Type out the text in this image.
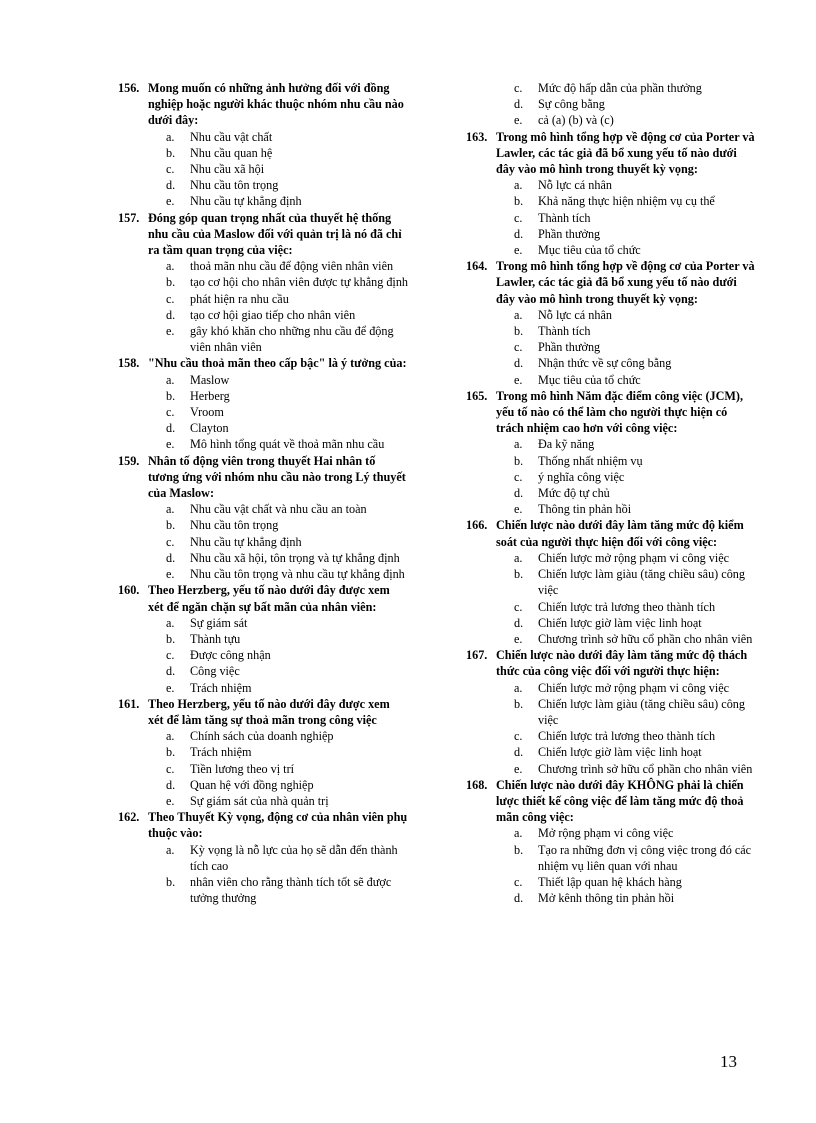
156. Mong muốn có những ảnh hưởng đối với đồng nghiệp hoặc người khác thuộc nhóm nhu cầu nào dưới đây:
a. Nhu cầu vật chất
b. Nhu cầu quan hệ
c. Nhu cầu xã hội
d. Nhu cầu tôn trọng
e. Nhu cầu tự khẳng định
157. Đóng góp quan trọng nhất của thuyết hệ thống nhu cầu của Maslow đối với quản trị là nó đã chỉ ra tầm quan trọng của việc:
a. thoả mãn nhu cầu để động viên nhân viên
b. tạo cơ hội cho nhân viên được tự khẳng định
c. phát hiện ra nhu cầu
d. tạo cơ hội giao tiếp cho nhân viên
e. gây khó khăn cho những nhu cầu để động viên nhân viên
158. "Nhu cầu thoả mãn theo cấp bậc" là ý tưởng của:
a. Maslow
b. Herberg
c. Vroom
d. Clayton
e. Mô hình tổng quát về thoả mãn nhu cầu
159. Nhân tố động viên trong thuyết Hai nhân tố tương ứng với nhóm nhu cầu nào trong Lý thuyết của Maslow:
a. Nhu cầu vật chất và nhu cầu an toàn
b. Nhu cầu tôn trọng
c. Nhu cầu tự khẳng định
d. Nhu cầu xã hội, tôn trọng và tự khẳng định
e. Nhu cầu tôn trọng và nhu cầu tự khẳng định
160. Theo Herzberg, yếu tố nào dưới đây được xem xét để ngăn chặn sự bất mãn của nhân viên:
a. Sự giám sát
b. Thành tựu
c. Được công nhận
d. Công việc
e. Trách nhiệm
161. Theo Herzberg, yếu tố nào dưới đây được xem xét để làm tăng sự thoả mãn trong công việc
a. Chính sách của doanh nghiệp
b. Trách nhiệm
c. Tiền lương theo vị trí
d. Quan hệ với đồng nghiệp
e. Sự giám sát của nhà quản trị
162. Theo Thuyết Kỳ vọng, động cơ của nhân viên phụ thuộc vào:
a. Kỳ vọng là nỗ lực của họ sẽ dẫn đến thành tích cao
b. nhân viên cho rằng thành tích tốt sẽ được tưởng thưởng
c. Mức độ hấp dẫn của phần thưởng
d. Sự công bằng
e. cả (a) (b) và (c)
163. Trong mô hình tổng hợp về động cơ của Porter và Lawler, các tác giả đã bổ xung yếu tố nào dưới đây vào mô hình trong thuyết kỳ vọng:
a. Nỗ lực cá nhân
b. Khả năng thực hiện nhiệm vụ cụ thể
c. Thành tích
d. Phần thưởng
e. Mục tiêu của tổ chức
164. Trong mô hình tổng hợp về động cơ của Porter và Lawler, các tác giả đã bổ xung yếu tố nào dưới đây vào mô hình trong thuyết kỳ vọng:
a. Nỗ lực cá nhân
b. Thành tích
c. Phần thưởng
d. Nhận thức về sự công bằng
e. Mục tiêu của tổ chức
165. Trong mô hình Năm đặc điểm công việc (JCM), yếu tố nào có thể làm cho người thực hiện có trách nhiệm cao hơn với công việc:
a. Đa kỹ năng
b. Thống nhất nhiệm vụ
c. ý nghĩa công việc
d. Mức độ tự chủ
e. Thông tin phản hồi
166. Chiến lược nào dưới đây làm tăng mức độ kiểm soát của người thực hiện đối với công việc:
a. Chiến lược mở rộng phạm vi công việc
b. Chiến lược làm giàu (tăng chiều sâu) công việc
c. Chiến lược trả lương theo thành tích
d. Chiến lược giờ làm việc linh hoạt
e. Chương trình sở hữu cổ phần cho nhân viên
167. Chiến lược nào dưới đây làm tăng mức độ thách thức của công việc đối với người thực hiện:
a. Chiến lược mở rộng phạm vi công việc
b. Chiến lược làm giàu (tăng chiều sâu) công việc
c. Chiến lược trả lương theo thành tích
d. Chiến lược giờ làm việc linh hoạt
e. Chương trình sở hữu cổ phần cho nhân viên
168. Chiến lược nào dưới đây KHÔNG phải là chiến lược thiết kế công việc để làm tăng mức độ thoả mãn công việc:
a. Mở rộng phạm vi công việc
b. Tạo ra những đơn vị công việc trong đó các nhiệm vụ liên quan với nhau
c. Thiết lập quan hệ khách hàng
d. Mở kênh thông tin phản hồi
13
